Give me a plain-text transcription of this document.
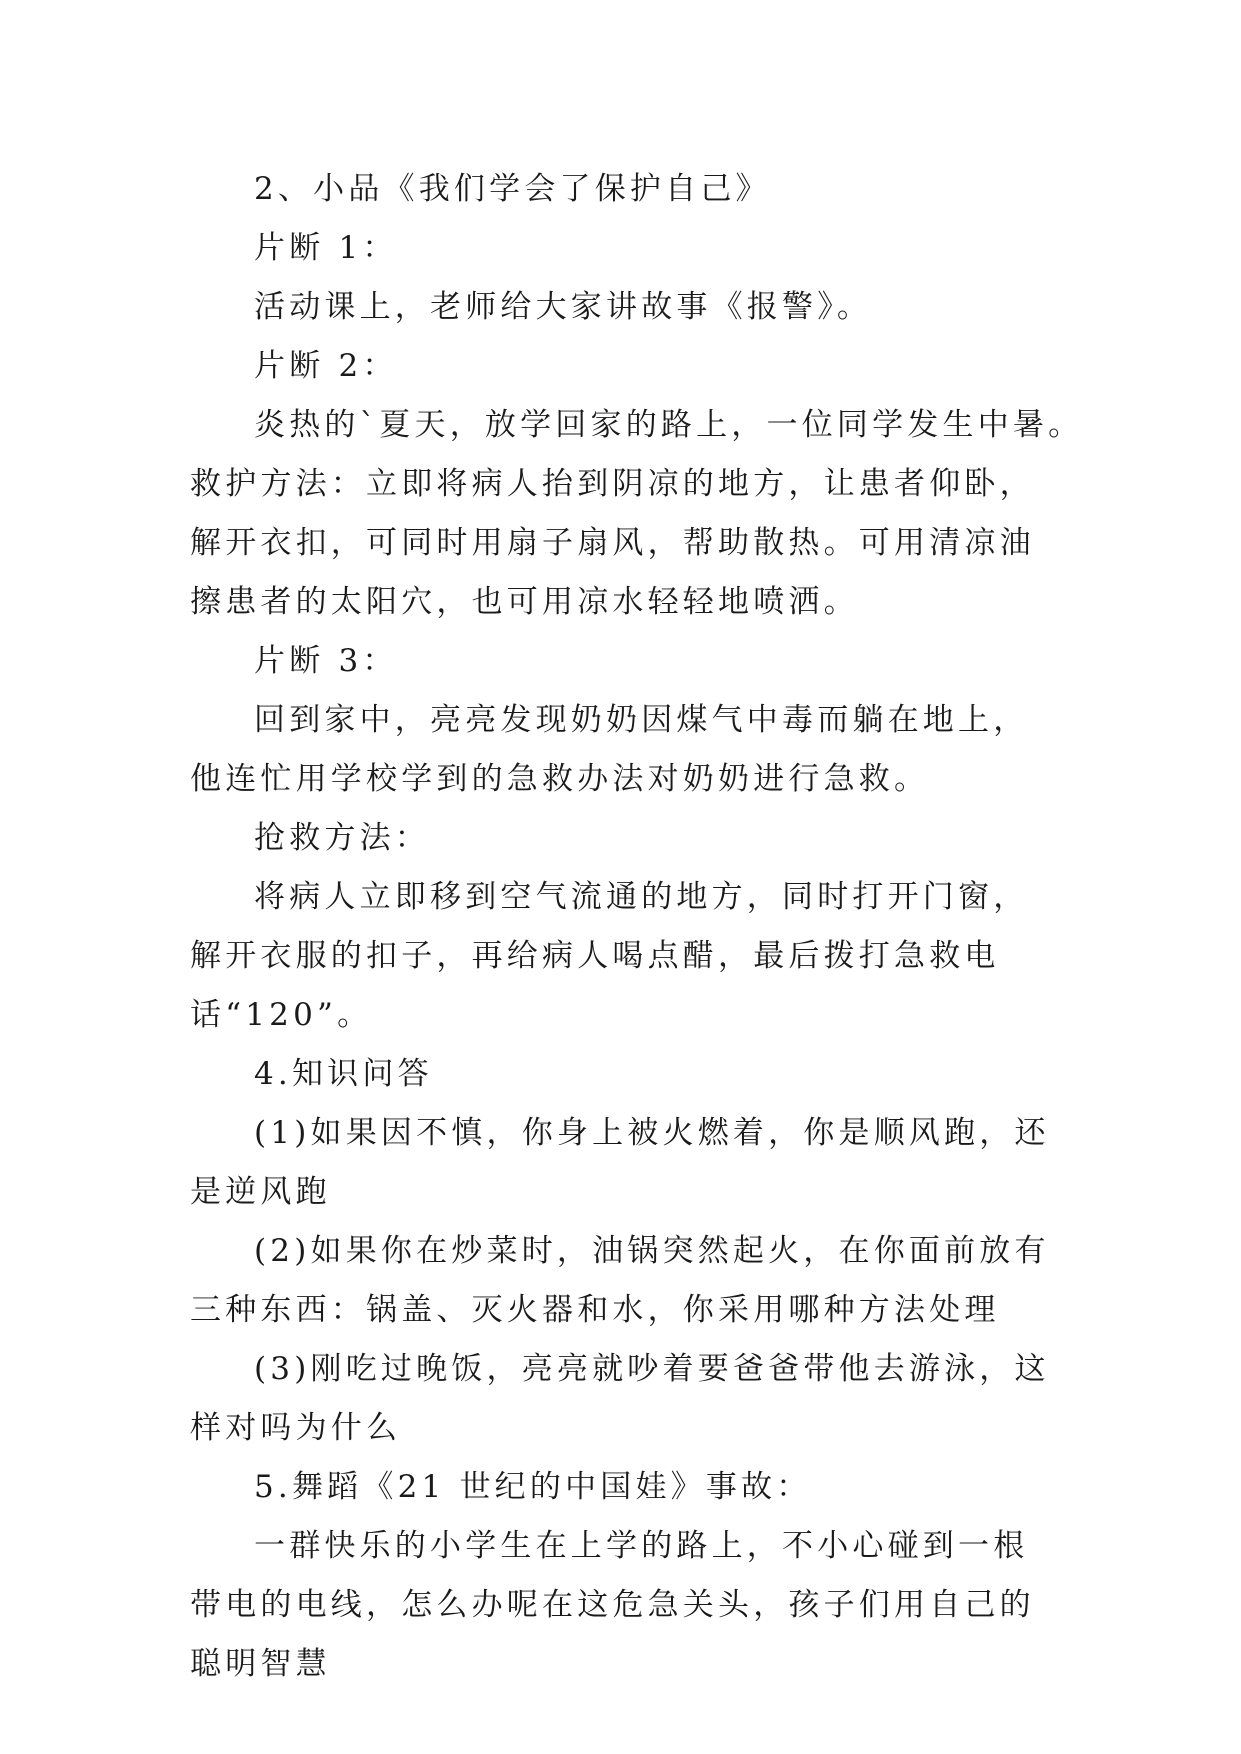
2、小品《我们学会了保护自己》

片断 1：

活动课上，老师给大家讲故事《报警》。

片断 2：

炎热的`夏天，放学回家的路上，一位同学发生中暑。

救护方法：立即将病人抬到阴凉的地方，让患者仰卧，解开衣扣，可同时用扇子扇风，帮助散热。可用清凉油擦患者的太阳穴，也可用凉水轻轻地喷洒。

片断 3：

回到家中，亮亮发现奶奶因煤气中毒而躺在地上，他连忙用学校学到的急救办法对奶奶进行急救。

抢救方法：

将病人立即移到空气流通的地方，同时打开门窗，解开衣服的扣子，再给病人喝点醋，最后拨打急救电话“120”。

4.知识问答

(1)如果因不慎，你身上被火燃着，你是顺风跑，还是逆风跑

(2)如果你在炒菜时，油锅突然起火，在你面前放有三种东西：锅盖、灭火器和水，你采用哪种方法处理

(3)刚吃过晚饭，亮亮就吵着要爸爸带他去游泳，这样对吗为什么

5.舞蹈《21 世纪的中国娃》事故：

一群快乐的小学生在上学的路上，不小心碰到一根带电的电线，怎么办呢在这危急关头，孩子们用自己的聪明智慧
